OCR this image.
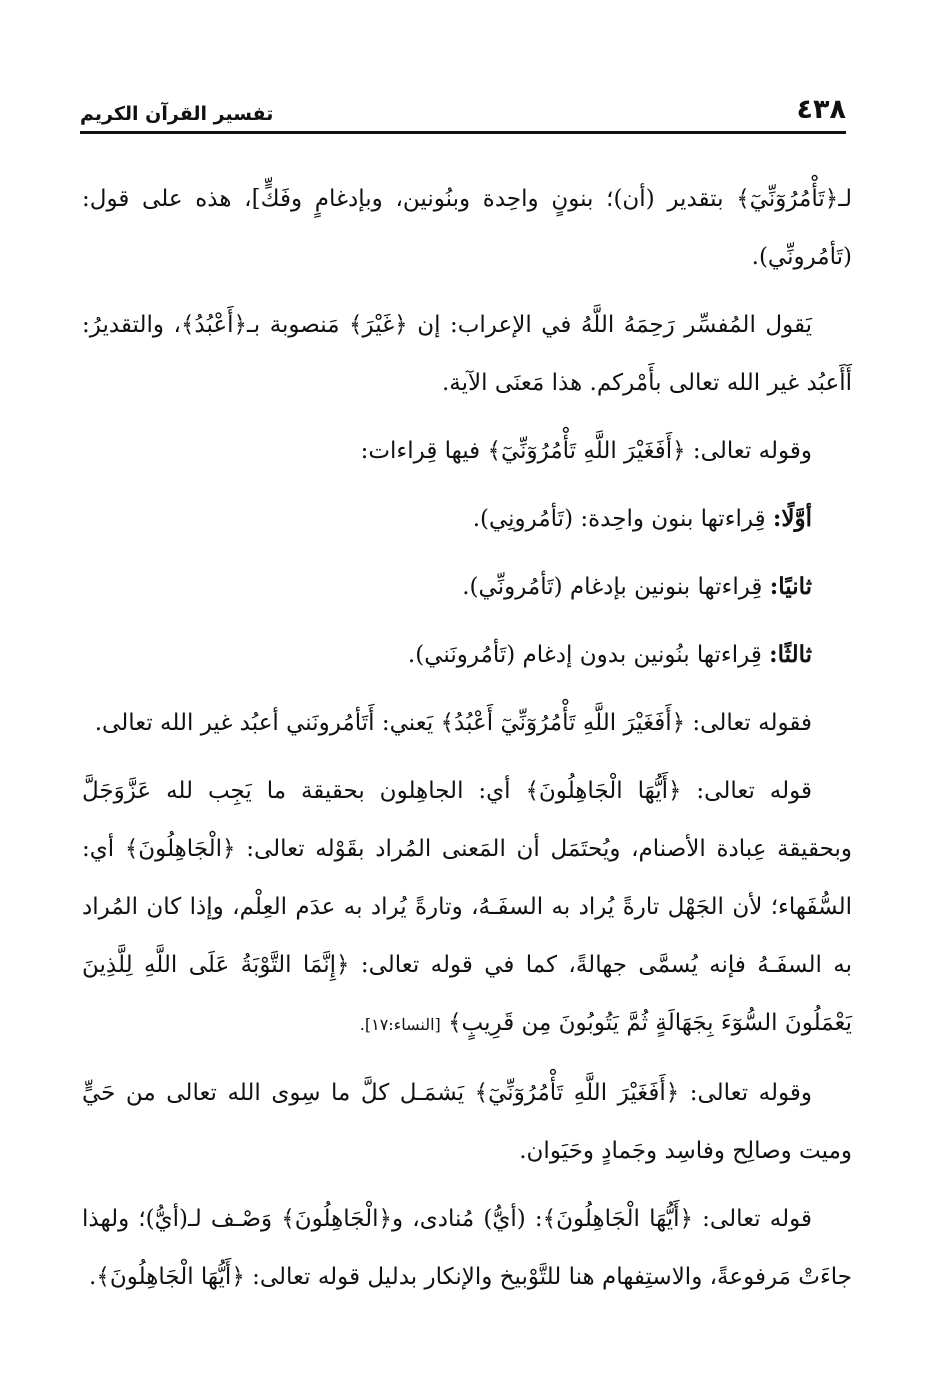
٤٣٨
تفسير القرآن الكريم

لـ﴿تَأْمُرُوٓنِّيٓ﴾ بتقدير (أن)؛ بنونٍ واحِدة وبنُونين، وبإدغامٍ وفَكٍّ]، هذه على قول: (تَأمُرونِّي).

يَقول المُفسِّر رَحِمَهُ اللَّهُ في الإعراب: إن ﴿غَيْرَ﴾ مَنصوبة بـ﴿أَعْبُدُ﴾، والتقديرُ: أَأَعبُد غير الله تعالى بأَمْركم. هذا مَعنَى الآية.

وقوله تعالى: ﴿أَفَغَيْرَ اللَّهِ تَأْمُرُوٓنِّيٓ﴾ فيها قِراءات:

أوَّلًا: قِراءتها بنون واحِدة: (تَأمُرونِي).

ثانيًا: قِراءتها بنونين بإدغام (تَأمُرونِّي).

ثالثًا: قِراءتها بنُونين بدون إدغام (تَأمُرونَني).

فقوله تعالى: ﴿أَفَغَيْرَ اللَّهِ تَأْمُرُوٓنِّيٓ أَعْبُدُ﴾ يَعني: أَتَأمُرونَني أعبُد غير الله تعالى.

قوله تعالى: ﴿أَيُّهَا الْجَاهِلُونَ﴾ أي: الجاهِلون بحقيقة ما يَجِب لله عَزَّوَجَلَّ وبحقيقة عِبادة الأصنام، ويُحتَمَل أن المَعنى المُراد بقَوْله تعالى: ﴿الْجَاهِلُونَ﴾ أي: السُّفَهاء؛ لأن الجَهْل تارةً يُراد به السفَـهُ، وتارةً يُراد به عدَم العِلْم، وإذا كان المُراد به السفَـهُ فإنه يُسمَّى جهالةً، كما في قوله تعالى: ﴿إِنَّمَا التَّوْبَةُ عَلَى اللَّهِ لِلَّذِينَ يَعْمَلُونَ السُّوٓءَ بِجَهَالَةٍ ثُمَّ يَتُوبُونَ مِن قَرِيبٍ﴾ [النساء:١٧].

وقوله تعالى: ﴿أَفَغَيْرَ اللَّهِ تَأْمُرُوٓنِّيٓ﴾ يَشمَـل كلَّ ما سِوى الله تعالى من حَيٍّ وميت وصالِح وفاسِد وجَمادٍ وحَيَوان.

قوله تعالى: ﴿أَيُّهَا الْجَاهِلُونَ﴾: (أيُّ) مُنادى، و﴿الْجَاهِلُونَ﴾ وَصْـف لـ(أيُّ)؛ ولهذا جاءَتْ مَرفوعةً، والاستِفهام هنا للتَّوْبيخ والإنكار بدليل قوله تعالى: ﴿أَيُّهَا الْجَاهِلُونَ﴾.
